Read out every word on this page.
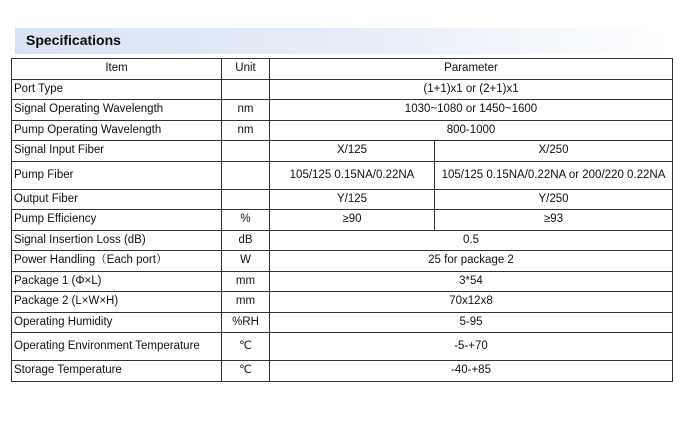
Specifications
Item	Unit	Parameter	
Port Type		(1+1)x1 or (2+1)x1	
Signal Operating Wavelength	nm	1030~1080 or 1450~1600	
Pump Operating Wavelength	nm	800-1000	
Signal Input Fiber		X/125	X/250
Pump Fiber		105/125 0.15NA/0.22NA	105/125 0.15NA/0.22NA or 200/220 0.22NA
Output Fiber		Y/125	Y/250
Pump Efficiency	%	≥90	≥93
Signal Insertion Loss (dB)	dB	0.5	
Power Handling（Each port）	W	25 for package 2	
Package 1 (Φ×L)	mm	3*54	
Package 2 (L×W×H)	mm	70x12x8	
Operating Humidity	%RH	5-95	
Operating Environment Temperature	℃	-5-+70	
Storage Temperature	℃	-40-+85	
